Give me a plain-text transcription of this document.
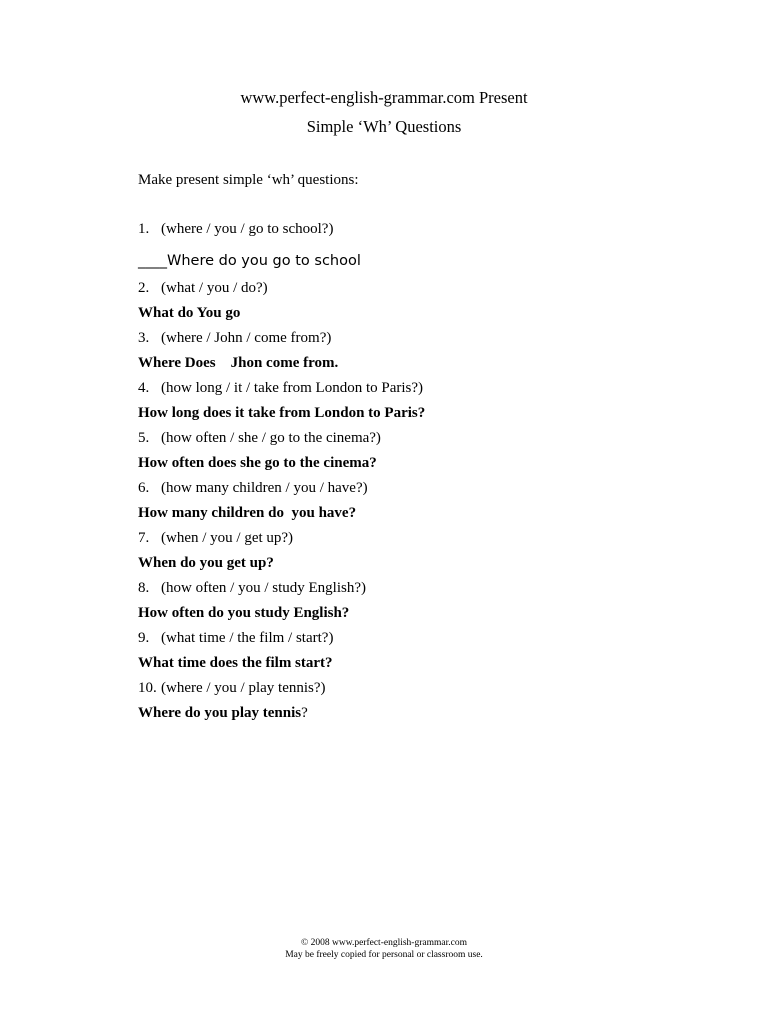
www.perfect-english-grammar.com Present
Simple ‘Wh’ Questions
Make present simple ‘wh’ questions:
1. (where / you / go to school?)
____Where do you go to school
2. (what / you / do?)
What do You go
3. (where / John / come from?)
Where Does    Jhon come from.
4. (how long / it / take from London to Paris?)
How long does it take from London to Paris?
5. (how often / she / go to the cinema?)
How often does she go to the cinema?
6. (how many children / you / have?)
How many children do  you have?
7. (when / you / get up?)
When do you get up?
8. (how often / you / study English?)
How often do you study English?
9. (what time / the film / start?)
What time does the film start?
10. (where / you / play tennis?)
Where do you play tennis?
© 2008 www.perfect-english-grammar.com
May be freely copied for personal or classroom use.
